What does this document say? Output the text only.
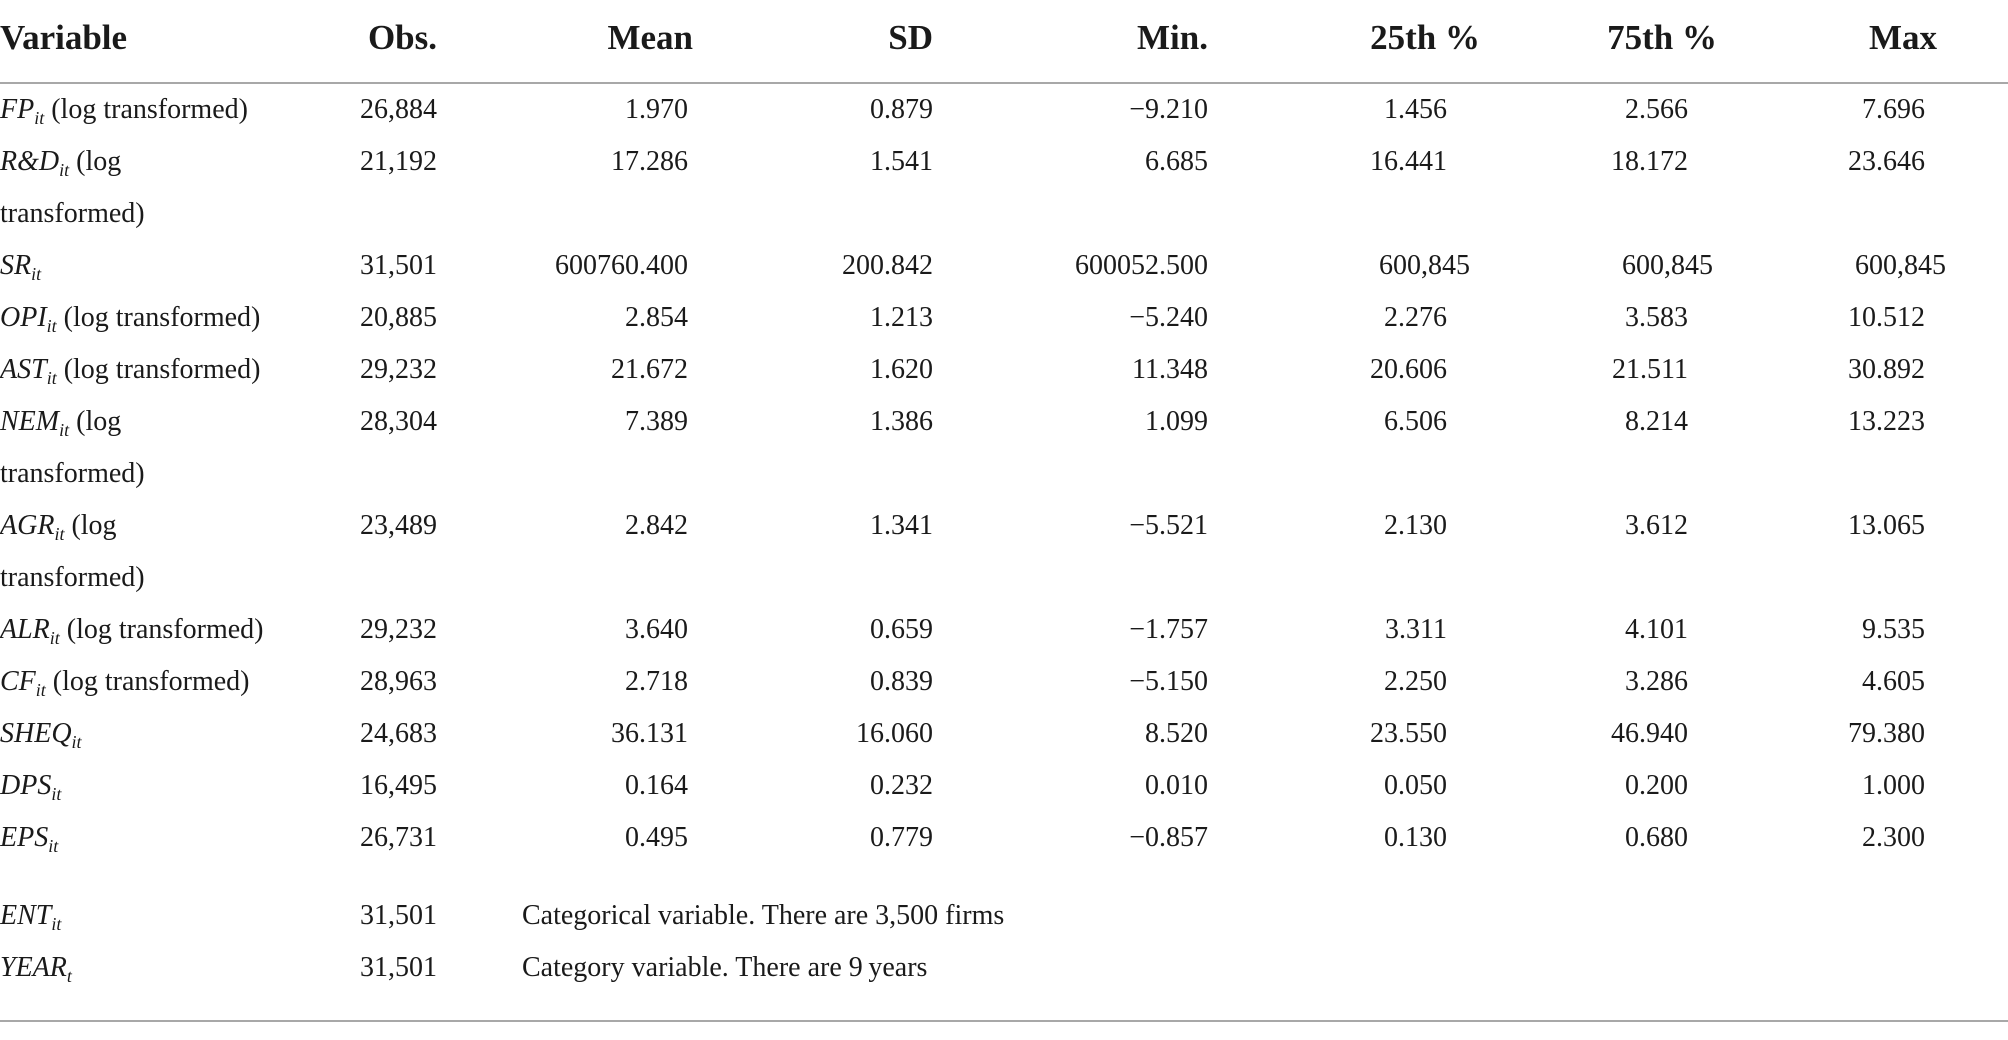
Variable	Obs.	Mean	SD	Min.	25th %	75th %	Max
$FP_{it}$ (log transformed)	26,884	1.970	0.879	−9.210	1.456	2.566	7.696
$R\&D_{it}$ (log	21,192	17.286	1.541	6.685	16.441	18.172	23.646
transformed)
$SR_{it}$	31,501	600760.400	200.842	600052.500	600,845	600,845	600,845
$OPI_{it}$ (log transformed)	20,885	2.854	1.213	−5.240	2.276	3.583	10.512
$AST_{it}$ (log transformed)	29,232	21.672	1.620	11.348	20.606	21.511	30.892
$NEM_{it}$ (log	28,304	7.389	1.386	1.099	6.506	8.214	13.223
transformed)
$AGR_{it}$ (log	23,489	2.842	1.341	−5.521	2.130	3.612	13.065
transformed)
$ALR_{it}$ (log transformed)	29,232	3.640	0.659	−1.757	3.311	4.101	9.535
$CF_{it}$ (log transformed)	28,963	2.718	0.839	−5.150	2.250	3.286	4.605
$SHEQ_{it}$	24,683	36.131	16.060	8.520	23.550	46.940	79.380
$DPS_{it}$	16,495	0.164	0.232	0.010	0.050	0.200	1.000
$EPS_{it}$	26,731	0.495	0.779	−0.857	0.130	0.680	2.300
$ENT_{it}$	31,501	Categorical variable. There are 3,500 firms
$YEAR_t$	31,501	Category variable. There are 9 years
